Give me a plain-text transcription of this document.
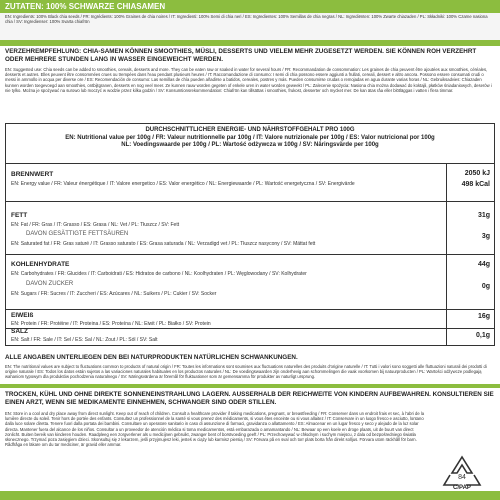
ZUTATEN: 100% SCHWARZE CHIASAMEN
EN: Ingredients: 100% Black chia seeds / FR: Ingrédients: 100% Graines de chia noires / IT: Ingredienti: 100% Semi di chia neri / ES: Ingredientes: 100% Semillas de chia negras / NL: Ingrediënten: 100% Zwarte chiazaden / PL: Składniki: 100% Czarne nasiona chia / SV: Ingredienser: 100% Svarta chiafrön
VERZEHREMPFEHLUNG: CHIA-SAMEN KÖNNEN SMOOTHIES, MÜSLI, DESSERTS UND VIELEM MEHR ZUGESETZT WERDEN. SIE KÖNNEN ROH VERZEHRT ODER MEHRERE STUNDEN LANG IN WASSER EINGEWEICHT WERDEN.
EN: Suggested use: Chia seeds can be added to smoothies, cereals, desserts and more. They can be eaten raw or soaked in water for several hours / FR: Recommandation de consommation: Les graines de chia peuvent être ajoutées aux smoothies, céréales, desserts et autres. Elles peuvent être consommées crues ou trempées dans l'eau pendant plusieurs heures / IT: Raccomandazione di consumo: I semi di chia possono essere aggiunti a frullati, cereali, dessert e altro ancora. Possono essere consumati crudi o messi in ammollo in acqua per diverse ore / ES: Recomendación de consumo: Las semillas de chía pueden añadirse a batidos, cereales, postres y más. Pueden consumirse crudas o remojadas en agua durante varias horas / NL: Gebruiksadvies: Chiazaden kunnen worden toegevoegd aan smoothies, ontbijtgranen, desserts en nog veel meer. Ze kunnen rauw worden gegeten of enkele uren in water worden geweekt / PL: Zalecenie spożycia: Nasiona chia można dodawać do koktajli, płatków śniadaniowych, deserów i nie tylko. Można je spożywać na surowo lub moczyć w wodzie przez kilka godzin / SV: Konsumtionsrekommendation: Chiafrön kan tillsättas i smoothies, frukost, desserter och mycket mer. De kan ätas råa eller blötläggas i vatten i flera timmar.
DURCHSCHNITTLICHER ENERGIE- UND NÄHRSTOFFGEHALT PRO 100G
EN: Nutritional value per 100g / FR: Valeur nutritionnelle par 100g / IT: Valore nutrizionale per 100g / ES: Valor nutricional por 100g
NL: Voedingswaarde per 100g / PL: Wartość odżywcza w 100g / SV: Näringsvärde per 100g
BRENNWERT
EN: Energy value / FR: Valeur énergétique / IT: Valore energetico / ES: Valor energético / NL: Energiewaarde / PL: Wartość energetyczna / SV: Energivärde
2050 kJ
498 kCal
FETT
EN: Fat / FR: Gras / IT: Grasso / ES: Grasa / NL: Vet / PL: Tłuszcz / SV: Fett
31g
DAVON GESÄTTIGTE FETTSÄUREN
EN: Saturated fat / FR: Gras saturé / IT: Grasso saturato / ES: Grasa saturada / NL: Verzadigd vet / PL: Tłuszcz nasycony / SV: Mättat fett
3g
KOHLENHYDRATE
EN: Carbohydrates / FR: Glucides / IT: Carboidrati / ES: Hidratos de carbono / NL: Koolhydraten / PL: Węglowodany / SV: Kolhydrater
44g
DAVON ZUCKER
EN: Sugars / FR: Sucres / IT: Zuccheri / ES: Azúcares / NL: Suikers / PL: Cukier / SV: Socker
0g
EIWEIß
EN: Protein / FR: Protéine / IT: Proteina / ES: Proteína / NL: Eiwit / PL: Białko / SV: Protein
16g
SALZ
EN: Salt / FR: Sale / IT: Sel / ES: Sal / NL: Zout / PL: Sól / SV: Salt
0,1g
ALLE ANGABEN UNTERLIEGEN DEN BEI NATURPRODUKTEN NATÜRLICHEN SCHWANKUNGEN.
EN: The nutritional values are subject to fluctuations common to products of natural origin / FR: Toutes les informations sont soumises aux fluctuations naturelles des produits d'origine naturelle / IT: Tutti i valori sono soggetti alle fluttuazioni naturali dei prodotti di origine naturale / ES: Todos los datos están sujetos a las variaciones naturales habituales en los productos naturales / NL: De voedingswaarden zijn onderhevig aan schommelingen die vaak voorkomen bij natuurproducten / PL: Wartości odżywcze podlegają wahaniom typowym dla produktów pochodzenia naturalnego / SV: Näringsvärdena är föremål för fluktuationer som är gemensamma för produkter av naturligt ursprung.
TROCKEN, KÜHL UND OHNE DIREKTE SONNENEINSTRAHLUNG LAGERN. AUSSERHALB DER REICHWEITE VON KINDERN AUFBEWAHREN. KONSULTIEREN SIE EINEN ARZT, WENN SIE MEDIKAMENTE EINNEHMEN, SCHWANGER SIND ODER STILLEN.
EN: Store in a cool and dry place away from direct sunlight. Keep out of reach of children. Consult a healthcare provider if taking medications, pregnant, or breastfeeding / FR: Conserver dans un endroit frais et sec, à l'abri de la lumière directe du soleil. Tenir hors de portée des enfants. Consultez un professionnel de la santé si vous prenez des médicaments, si vous êtes enceinte ou si vous allaitez / IT: Conservare in un luogo fresco e asciutto, lontano dalla luce solare diretta. Tenere fuori dalla portata dei bambini. Consultare un operatore sanitario in caso di assunzione di farmaci, gravidanza o allattamento / ES: Almacenar en un lugar fresco y seco y alejado de la luz solar directa. Mantener fuera del alcance de los niños. Consultar a un proveedor de atención médica si toma medicamentos, está embarazada o amamantando / NL: Bewaar op een koele en droge plaats, uit de buurt van direct zonlicht. Buiten bereik van kinderen houden. Raadpleeg een zorgverlener als u medicijnen gebruikt, zwanger bent of borstvoeding geeft / PL: Przechowywać w chłodnym i suchym miejscu, z dala od bezpośredniego światła słonecznego. Trzymać poza zasięgiem dzieci. Skonsultuj się z lekarzem, jeśli przyjmujesz leki, jesteś w ciąży lub karmisz piersią / SV: Förvara på en sval och torr plats borta från direkt solljus. Förvara utom räckhåll för barn. Rådfråga en läkare om du tar mediciner, är gravid eller ammar.
84
C/PAP
